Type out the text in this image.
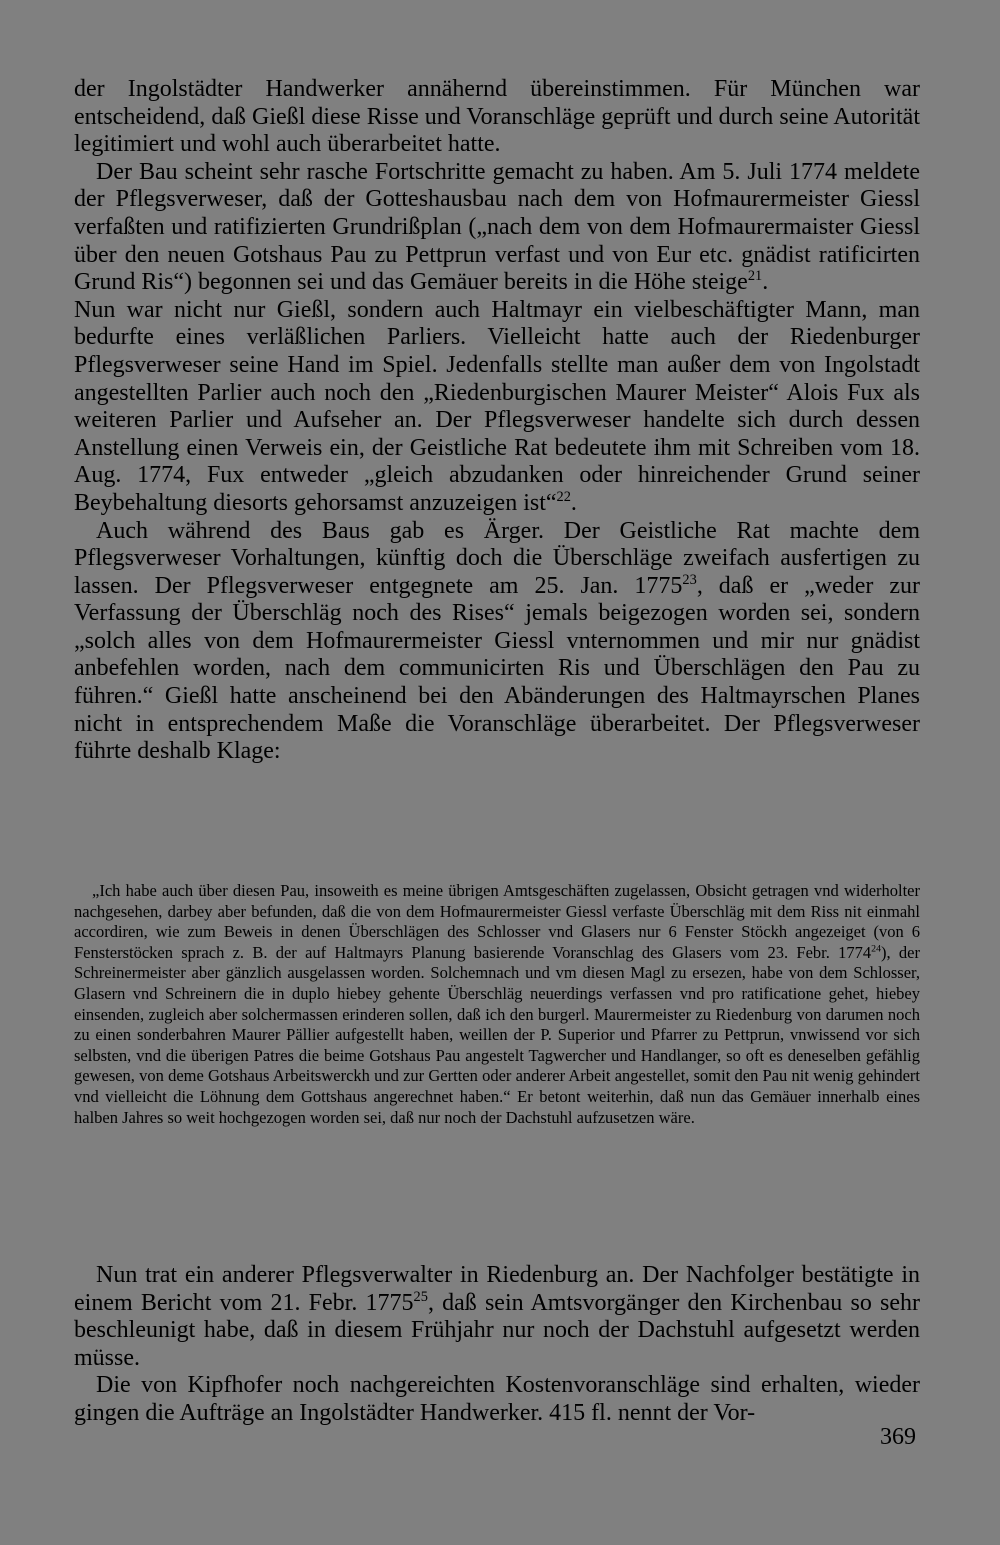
der Ingolstädter Handwerker annähernd übereinstimmen. Für München war entscheidend, daß Gießl diese Risse und Voranschläge geprüft und durch seine Autorität legitimiert und wohl auch überarbeitet hatte.

Der Bau scheint sehr rasche Fortschritte gemacht zu haben. Am 5. Juli 1774 meldete der Pflegsverweser, daß der Gotteshausbau nach dem von Hofmaurermeister Giessl verfaßten und ratifizierten Grundrißplan („nach dem von dem Hofmaurermaister Giessl über den neuen Gotshaus Pau zu Pettprun verfast und von Eur etc. gnädist ratificirten Grund Ris“) begonnen sei und das Gemäuer bereits in die Höhe steige$^{21}$.

Nun war nicht nur Gießl, sondern auch Haltmayr ein vielbeschäftigter Mann, man bedurfte eines verläßlichen Parliers. Vielleicht hatte auch der Riedenburger Pflegsverweser seine Hand im Spiel. Jedenfalls stellte man außer dem von Ingolstadt angestellten Parlier auch noch den „Riedenburgischen Maurer Meister“ Alois Fux als weiteren Parlier und Aufseher an. Der Pflegsverweser handelte sich durch dessen Anstellung einen Verweis ein, der Geistliche Rat bedeutete ihm mit Schreiben vom 18. Aug. 1774, Fux entweder „gleich abzudanken oder hinreichender Grund seiner Beybehaltung diesorts gehorsamst anzuzeigen ist“$^{22}$.

Auch während des Baus gab es Ärger. Der Geistliche Rat machte dem Pflegsverweser Vorhaltungen, künftig doch die Überschläge zweifach ausfertigen zu lassen. Der Pflegsverweser entgegnete am 25. Jan. 1775$^{23}$, daß er „weder zur Verfassung der Überschläg noch des Rises“ jemals beigezogen worden sei, sondern „solch alles von dem Hofmaurermeister Giessl vnternommen und mir nur gnädist anbefehlen worden, nach dem communicirten Ris und Überschlägen den Pau zu führen.“ Gießl hatte anscheinend bei den Abänderungen des Haltmayrschen Planes nicht in entsprechendem Maße die Voranschläge überarbeitet. Der Pflegsverweser führte deshalb Klage:

„Ich habe auch über diesen Pau, insoweith es meine übrigen Amtsgeschäften zugelassen, Obsicht getragen vnd widerholter nachgesehen, darbey aber befunden, daß die von dem Hofmaurermeister Giessl verfaste Überschläg mit dem Riss nit einmahl accordiren, wie zum Beweis in denen Überschlägen des Schlosser vnd Glasers nur 6 Fenster Stöckh angezeiget (von 6 Fensterstöcken sprach z. B. der auf Haltmayrs Planung basierende Voranschlag des Glasers vom 23. Febr. 1774$^{24}$), der Schreinermeister aber gänzlich ausgelassen worden. Solchemnach und vm diesen Magl zu ersezen, habe von dem Schlosser, Glasern vnd Schreinern die in duplo hiebey gehente Überschläg neuerdings verfassen vnd pro ratificatione gehet, hiebey einsenden, zugleich aber solchermassen erinderen sollen, daß ich den burgerl. Maurermeister zu Riedenburg von darumen noch zu einen sonderbahren Maurer Pällier aufgestellt haben, weillen der P. Superior und Pfarrer zu Pettprun, vnwissend vor sich selbsten, vnd die überigen Patres die beime Gotshaus Pau angestelt Tagwercher und Handlanger, so oft es deneselben gefählig gewesen, von deme Gotshaus Arbeitswerckh und zur Gertten oder anderer Arbeit angestellet, somit den Pau nit wenig gehindert vnd vielleicht die Löhnung dem Gottshaus angerechnet haben.“ Er betont weiterhin, daß nun das Gemäuer innerhalb eines halben Jahres so weit hochgezogen worden sei, daß nur noch der Dachstuhl aufzusetzen wäre.

Nun trat ein anderer Pflegsverwalter in Riedenburg an. Der Nachfolger bestätigte in einem Bericht vom 21. Febr. 1775$^{25}$, daß sein Amtsvorgänger den Kirchenbau so sehr beschleunigt habe, daß in diesem Frühjahr nur noch der Dachstuhl aufgesetzt werden müsse.

Die von Kipfhofer noch nachgereichten Kostenvoranschläge sind erhalten, wieder gingen die Aufträge an Ingolstädter Handwerker. 415 fl. nennt der Vor-

369
